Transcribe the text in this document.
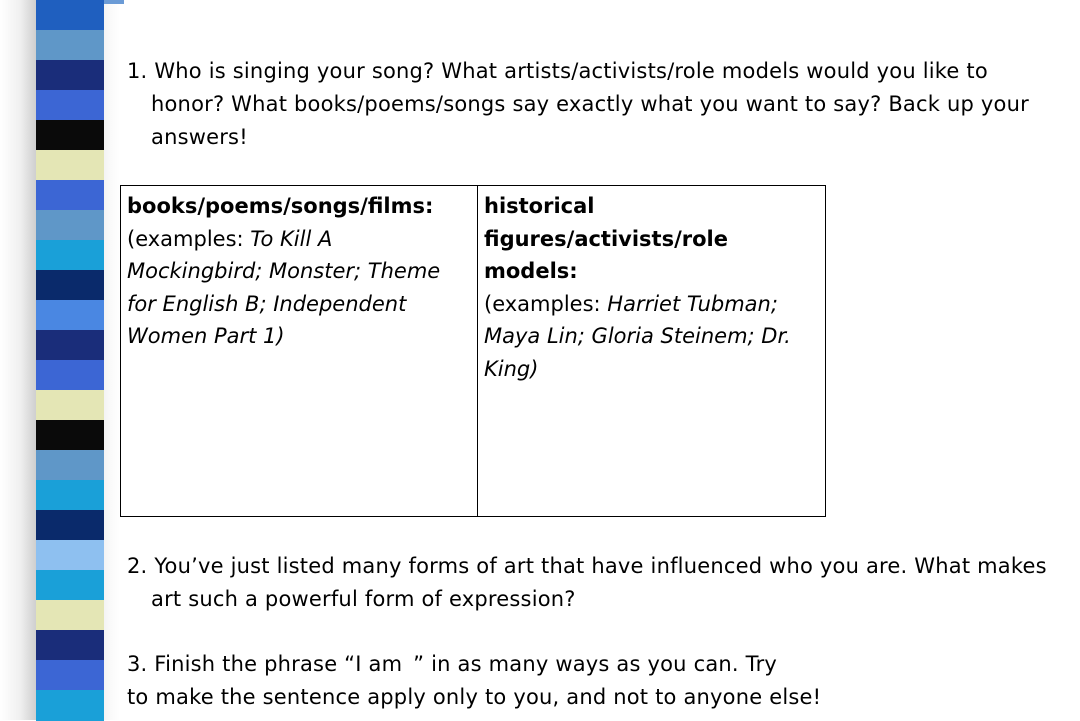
1. Who is singing your song? What artists/activists/role models would you like to
honor? What books/poems/songs say exactly what you want to say? Back up your
answers!
books/poems/songs/films:
(examples: To Kill A
Mockingbird; Monster; Theme
for English B; Independent
Women Part 1)
historical
figures/activists/role
models:
(examples: Harriet Tubman;
Maya Lin; Gloria Steinem; Dr.
King)
2. You’ve just listed many forms of art that have influenced who you are. What makes
art such a powerful form of expression?
3. Finish the phrase “I am ” in as many ways as you can. Try
to make the sentence apply only to you, and not to anyone else!
